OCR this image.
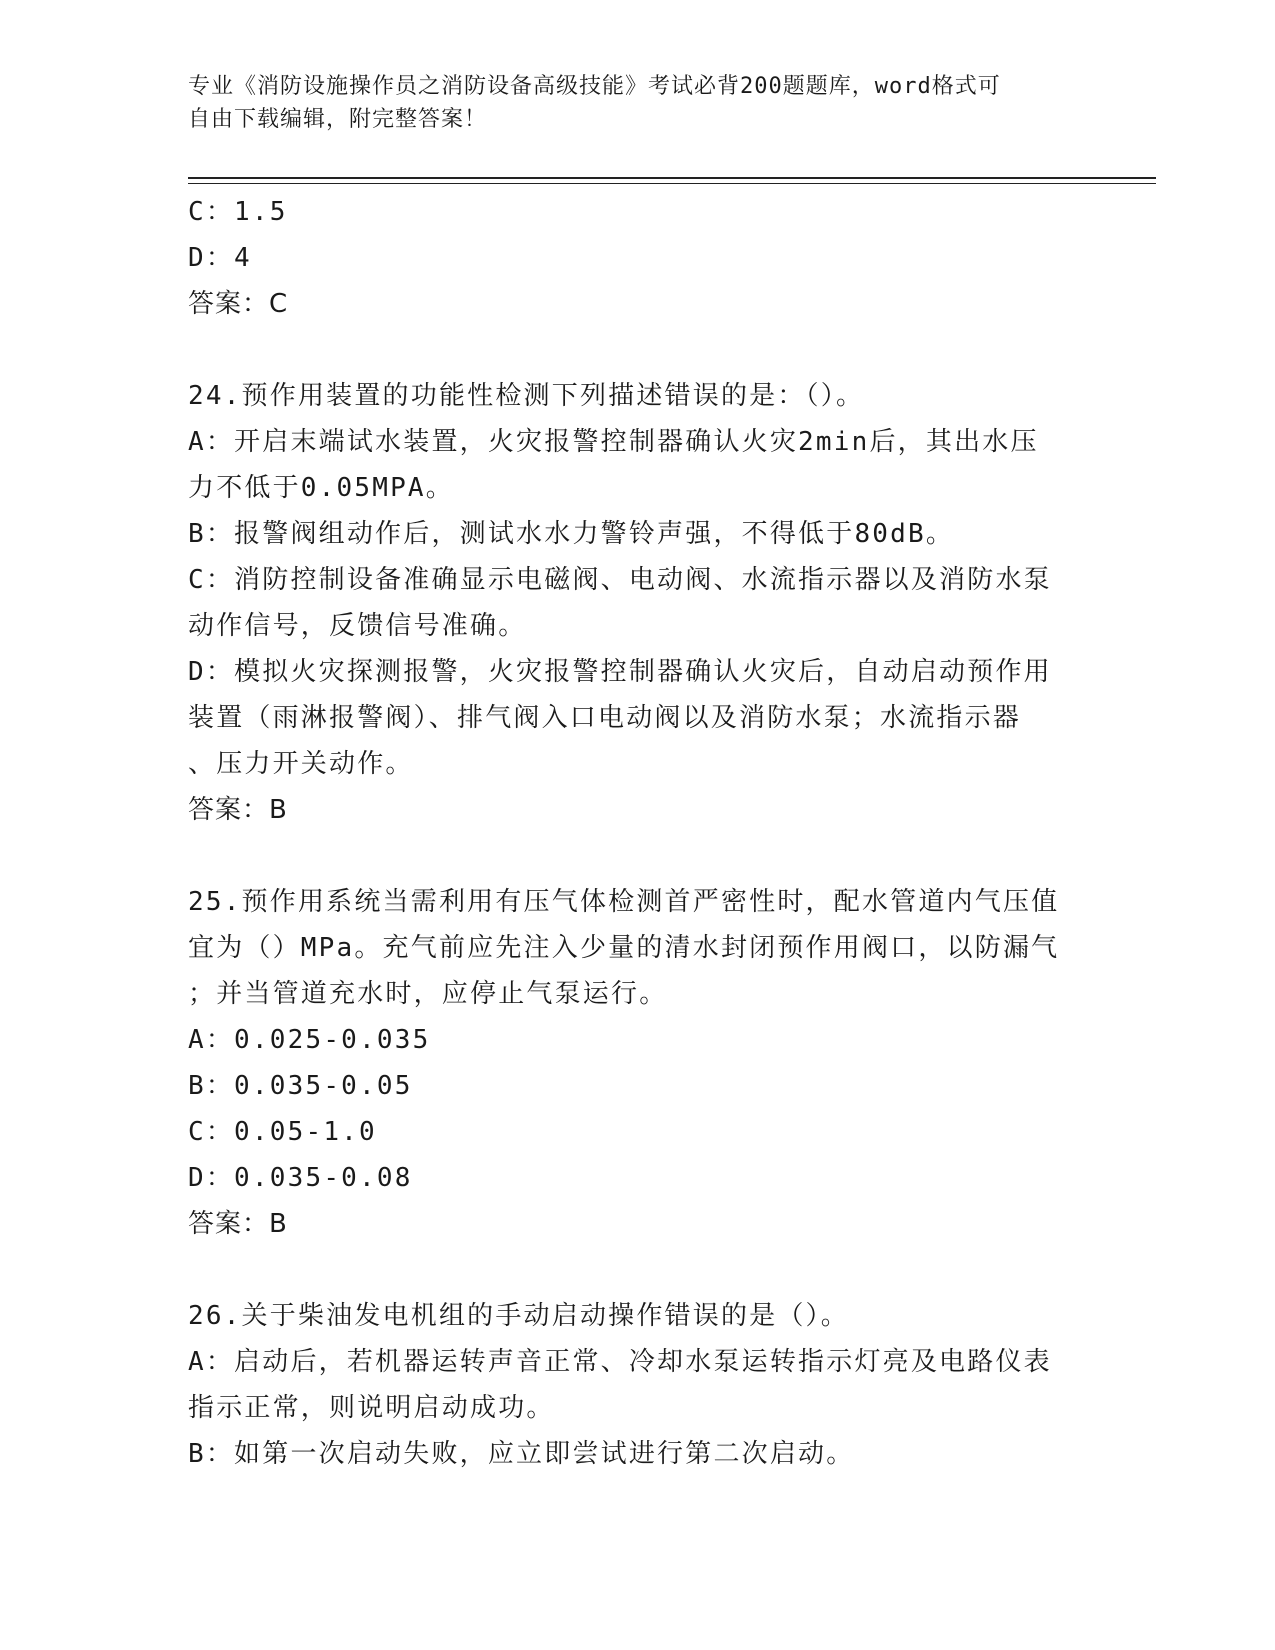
专业《消防设施操作员之消防设备高级技能》考试必背200题题库，word格式可
自由下载编辑，附完整答案！
C：1.5
D：4
答案：C
24.预作用装置的功能性检测下列描述错误的是：（）。
A：开启末端试水装置，火灾报警控制器确认火灾2min后，其出水压
力不低于0.05MPA。
B：报警阀组动作后，测试水水力警铃声强，不得低于80dB。
C：消防控制设备准确显示电磁阀、电动阀、水流指示器以及消防水泵
动作信号，反馈信号准确。
D：模拟火灾探测报警，火灾报警控制器确认火灾后，自动启动预作用
装置（雨淋报警阀）、排气阀入口电动阀以及消防水泵；水流指示器
、压力开关动作。
答案：B
25.预作用系统当需利用有压气体检测首严密性时，配水管道内气压值
宜为（）MPa。充气前应先注入少量的清水封闭预作用阀口，以防漏气
；并当管道充水时，应停止气泵运行。
A：0.025-0.035
B：0.035-0.05
C：0.05-1.0
D：0.035-0.08
答案：B
26.关于柴油发电机组的手动启动操作错误的是（）。
A：启动后，若机器运转声音正常、冷却水泵运转指示灯亮及电路仪表
指示正常，则说明启动成功。
B：如第一次启动失败，应立即尝试进行第二次启动。
